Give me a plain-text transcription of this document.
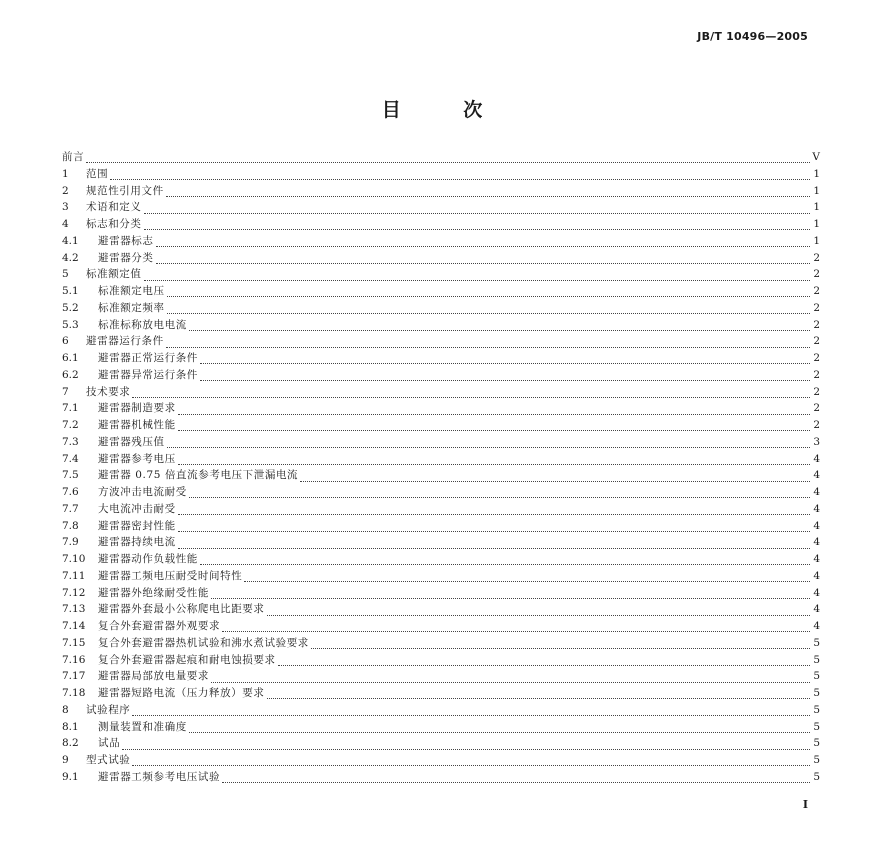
JB/T 10496—2005
目 次
前言	V
1	范围	1
2	规范性引用文件	1
3	术语和定义	1
4	标志和分类	1
4.1	避雷器标志	1
4.2	避雷器分类	2
5	标准额定值	2
5.1	标准额定电压	2
5.2	标准额定频率	2
5.3	标准标称放电电流	2
6	避雷器运行条件	2
6.1	避雷器正常运行条件	2
6.2	避雷器异常运行条件	2
7	技术要求	2
7.1	避雷器制造要求	2
7.2	避雷器机械性能	2
7.3	避雷器残压值	3
7.4	避雷器参考电压	4
7.5	避雷器 0.75 倍直流参考电压下泄漏电流	4
7.6	方波冲击电流耐受	4
7.7	大电流冲击耐受	4
7.8	避雷器密封性能	4
7.9	避雷器持续电流	4
7.10	避雷器动作负载性能	4
7.11	避雷器工频电压耐受时间特性	4
7.12	避雷器外绝缘耐受性能	4
7.13	避雷器外套最小公称爬电比距要求	4
7.14	复合外套避雷器外观要求	4
7.15	复合外套避雷器热机试验和沸水煮试验要求	5
7.16	复合外套避雷器起痕和耐电蚀损要求	5
7.17	避雷器局部放电量要求	5
7.18	避雷器短路电流（压力释放）要求	5
8	试验程序	5
8.1	测量装置和准确度	5
8.2	试品	5
9	型式试验	5
9.1	避雷器工频参考电压试验	5
I
